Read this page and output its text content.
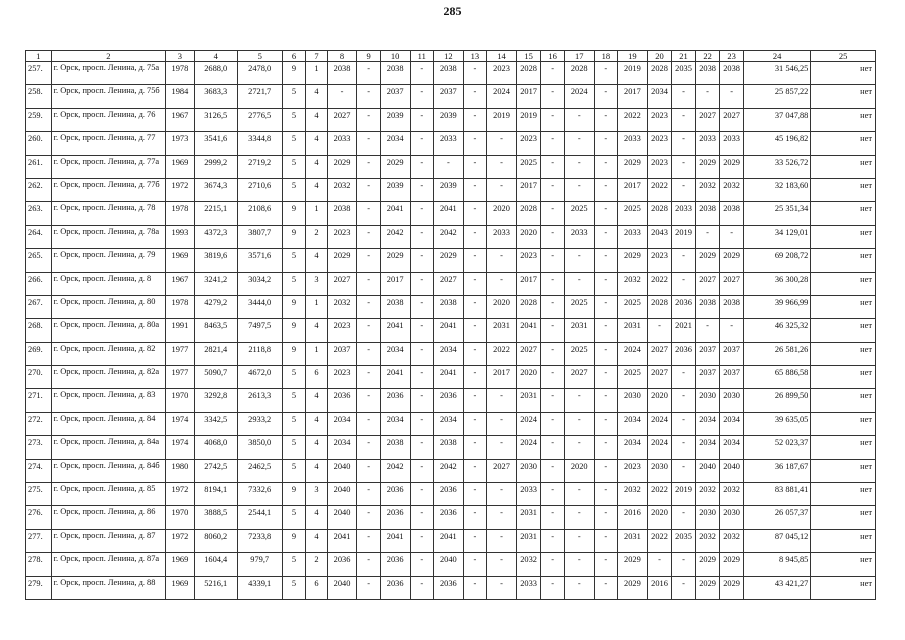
285
1	2	3	4	5	6	7	8	9	10	11	12	13	14	15	16	17	18	19	20	21	22	23	24	25
257.	г. Орск, просп. Ленина, д. 75а	1978	2688,0	2478,0	9	1	2038	-	2038	-	2038	-	2023	2028	-	2028	-	2019	2028	2035	2038	2038	31 546,25	нет
258.	г. Орск, просп. Ленина, д. 75б	1984	3683,3	2721,7	5	4	-	-	2037	-	2037	-	2024	2017	-	2024	-	2017	2034	-	-	-	25 857,22	нет
259.	г. Орск, просп. Ленина, д. 76	1967	3126,5	2776,5	5	4	2027	-	2039	-	2039	-	2019	2019	-	-	-	2022	2023	-	2027	2027	37 047,88	нет
260.	г. Орск, просп. Ленина, д. 77	1973	3541,6	3344,8	5	4	2033	-	2034	-	2033	-	-	2023	-	-	-	2033	2023	-	2033	2033	45 196,82	нет
261.	г. Орск, просп. Ленина, д. 77а	1969	2999,2	2719,2	5	4	2029	-	2029	-	-	-	-	2025	-	-	-	2029	2023	-	2029	2029	33 526,72	нет
262.	г. Орск, просп. Ленина, д. 77б	1972	3674,3	2710,6	5	4	2032	-	2039	-	2039	-	-	2017	-	-	-	2017	2022	-	2032	2032	32 183,60	нет
263.	г. Орск, просп. Ленина, д. 78	1978	2215,1	2108,6	9	1	2038	-	2041	-	2041	-	2020	2028	-	2025	-	2025	2028	2033	2038	2038	25 351,34	нет
264.	г. Орск, просп. Ленина, д. 78а	1993	4372,3	3807,7	9	2	2023	-	2042	-	2042	-	2033	2020	-	2033	-	2033	2043	2019	-	-	34 129,01	нет
265.	г. Орск, просп. Ленина, д. 79	1969	3819,6	3571,6	5	4	2029	-	2029	-	2029	-	-	2023	-	-	-	2029	2023	-	2029	2029	69 208,72	нет
266.	г. Орск, просп. Ленина, д. 8	1967	3241,2	3034,2	5	3	2027	-	2017	-	2027	-	-	2017	-	-	-	2032	2022	-	2027	2027	36 300,28	нет
267.	г. Орск, просп. Ленина, д. 80	1978	4279,2	3444,0	9	1	2032	-	2038	-	2038	-	2020	2028	-	2025	-	2025	2028	2036	2038	2038	39 966,99	нет
268.	г. Орск, просп. Ленина, д. 80а	1991	8463,5	7497,5	9	4	2023	-	2041	-	2041	-	2031	2041	-	2031	-	2031	-	2021	-	-	46 325,32	нет
269.	г. Орск, просп. Ленина, д. 82	1977	2821,4	2118,8	9	1	2037	-	2034	-	2034	-	2022	2027	-	2025	-	2024	2027	2036	2037	2037	26 581,26	нет
270.	г. Орск, просп. Ленина, д. 82а	1977	5090,7	4672,0	5	6	2023	-	2041	-	2041	-	2017	2020	-	2027	-	2025	2027	-	2037	2037	65 886,58	нет
271.	г. Орск, просп. Ленина, д. 83	1970	3292,8	2613,3	5	4	2036	-	2036	-	2036	-	-	2031	-	-	-	2030	2020	-	2030	2030	26 899,50	нет
272.	г. Орск, просп. Ленина, д. 84	1974	3342,5	2933,2	5	4	2034	-	2034	-	2034	-	-	2024	-	-	-	2034	2024	-	2034	2034	39 635,05	нет
273.	г. Орск, просп. Ленина, д. 84а	1974	4068,0	3850,0	5	4	2034	-	2038	-	2038	-	-	2024	-	-	-	2034	2024	-	2034	2034	52 023,37	нет
274.	г. Орск, просп. Ленина, д. 84б	1980	2742,5	2462,5	5	4	2040	-	2042	-	2042	-	2027	2030	-	2020	-	2023	2030	-	2040	2040	36 187,67	нет
275.	г. Орск, просп. Ленина, д. 85	1972	8194,1	7332,6	9	3	2040	-	2036	-	2036	-	-	2033	-	-	-	2032	2022	2019	2032	2032	83 881,41	нет
276.	г. Орск, просп. Ленина, д. 86	1970	3888,5	2544,1	5	4	2040	-	2036	-	2036	-	-	2031	-	-	-	2016	2020	-	2030	2030	26 057,37	нет
277.	г. Орск, просп. Ленина, д. 87	1972	8060,2	7233,8	9	4	2041	-	2041	-	2041	-	-	2031	-	-	-	2031	2022	2035	2032	2032	87 045,12	нет
278.	г. Орск, просп. Ленина, д. 87а	1969	1604,4	979,7	5	2	2036	-	2036	-	2040	-	-	2032	-	-	-	2029	-	-	2029	2029	8 945,85	нет
279.	г. Орск, просп. Ленина, д. 88	1969	5216,1	4339,1	5	6	2040	-	2036	-	2036	-	-	2033	-	-	-	2029	2016	-	2029	2029	43 421,27	нет
